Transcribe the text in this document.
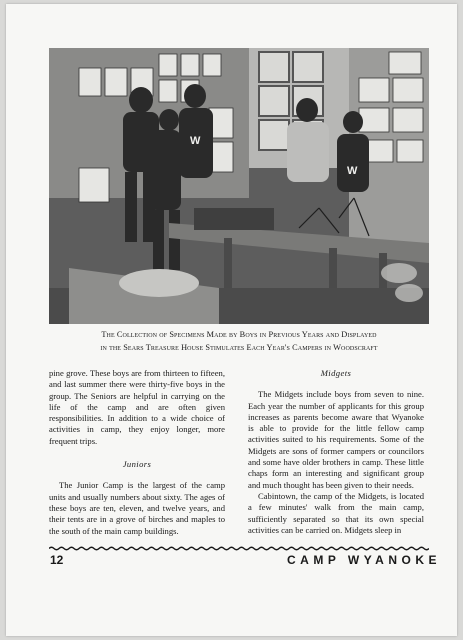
W
W
The Collection of Specimens Made by Boys in Previous Years and Displayed
in the Sears Treasure House Stimulates Each Year's Campers in Woodscraft

pine grove. These boys are from thirteen to fifteen, and last summer there were thirty-five boys in the group. The Seniors are helpful in carrying on the life of the camp and are often given responsibilities. In addition to a wide choice of activities in camp, they enjoy longer, more frequent trips.

Juniors

The Junior Camp is the largest of the camp units and usually numbers about sixty. The ages of these boys are ten, eleven, and twelve years, and their tents are in a grove of birches and maples to the south of the main camp buildings.

Midgets

The Midgets include boys from seven to nine. Each year the number of applicants for this group increases as parents become aware that Wyanoke is able to provide for the little fellow camp activities suited to his requirements. Some of the Midgets are sons of former campers or councilors and some have older brothers in camp. These little chaps form an interesting and significant group and much thought has been given to their needs.

Cabintown, the camp of the Midgets, is located a few minutes' walk from the main camp, sufficiently separated so that its own special activities can be carried on. Midgets sleep in

12	CAMP WYANOKE
